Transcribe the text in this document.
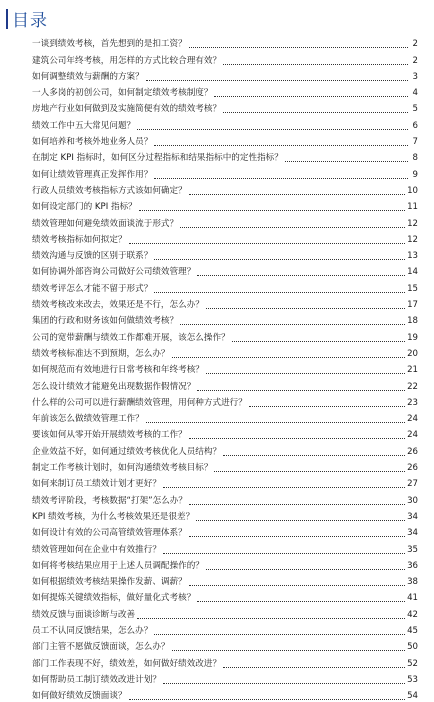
目录
一谈到绩效考核，首先想到的是扣工资？	2
建筑公司年终考核，用怎样的方式比较合理有效？	2
如何调整绩效与薪酬的方案？	3
一人多岗的初创公司，如何制定绩效考核制度？	4
房地产行业如何做到及实施简便有效的绩效考核？	5
绩效工作中五大常见问题？	6
如何培养和考核外地业务人员？	7
在制定 KPI 指标时，如何区分过程指标和结果指标中的定性指标？	8
如何让绩效管理真正发挥作用？	9
行政人员绩效考核指标方式该如何确定？	10
如何设定部门的 KPI 指标？	11
绩效管理如何避免绩效面谈流于形式？	12
绩效考核指标如何拟定？	12
绩效沟通与反馈的区别于联系？	13
如何协调外部咨询公司做好公司绩效管理？	14
绩效考评怎么才能不留于形式？	15
绩效考核改来改去，效果还是不行，怎么办？	17
集团的行政和财务该如何做绩效考核？	18
公司的宽带薪酬与绩效工作都难开展，该怎么操作？	19
绩效考核标准达不到预期，怎么办？	20
如何规范而有效地进行日常考核和年终考核？	21
怎么设计绩效才能避免出现数据作假情况？	22
什么样的公司可以进行薪酬绩效管理，用何种方式进行？	23
年前该怎么做绩效管理工作？	24
要该如何从零开始开展绩效考核的工作？	24
企业效益不好，如何通过绩效考核优化人员结构？	26
制定工作考核计划时，如何沟通绩效考核目标？	26
如何来制订员工绩效计划才更好？	27
绩效考评阶段，考核数据“打架”怎么办？	30
KPI 绩效考核，为什么考核效果还是很差？	34
如何设计有效的公司高管绩效管理体系？	34
绩效管理如何在企业中有效推行？	35
如何将考核结果应用于上述人员调配操作的？	36
如何根据绩效考核结果操作发薪、调薪？	38
如何提炼关键绩效指标，做好量化式考核？	41
绩效反馈与面谈诊断与改善	42
员工不认同反馈结果，怎么办？	45
部门主管不愿做反馈面谈，怎么办？	50
部门工作表现不好，绩效差，如何做好绩效改进？	52
如何帮助员工制订绩效改进计划？	53
如何做好绩效反馈面谈？	54
